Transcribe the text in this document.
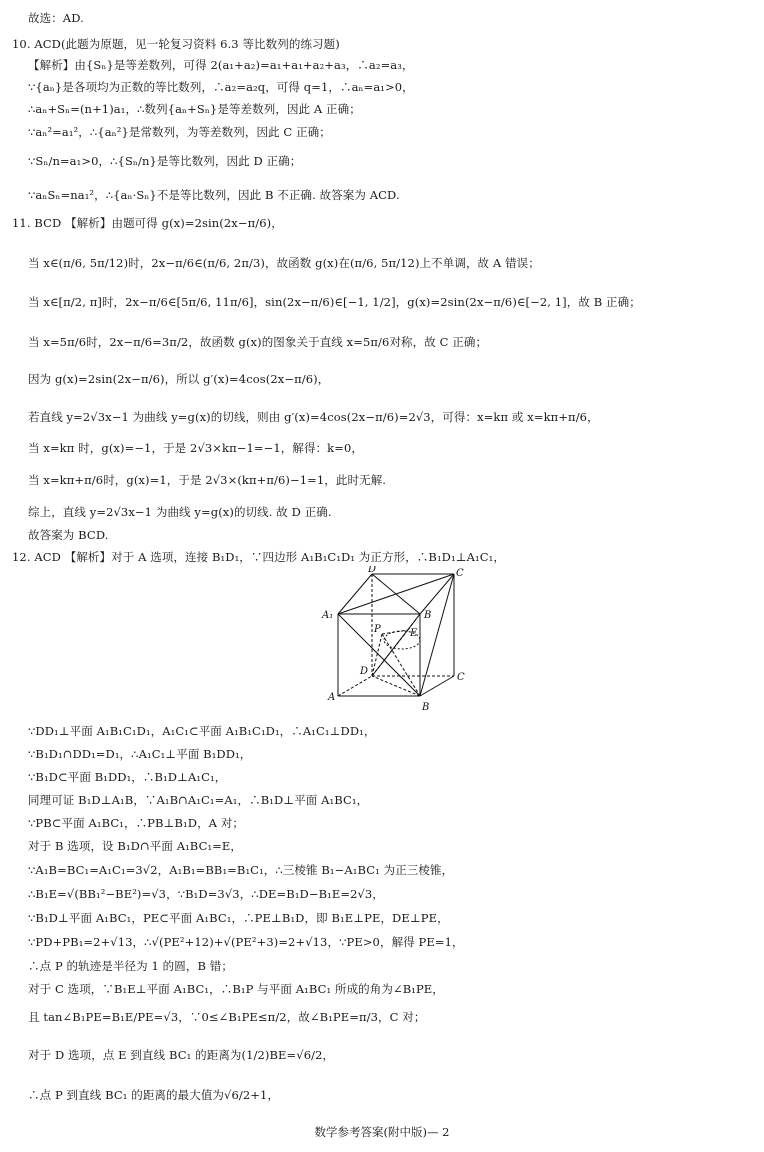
故选：AD.
10. ACD(此题为原题，见一轮复习资料 6.3 等比数列的练习题)
【解析】由{Sₙ}是等差数列，可得 2(a₁+a₂)=a₁+a₁+a₂+a₃，∴a₂=a₃，
∵{aₙ}是各项均为正数的等比数列，∴a₂=a₂q，可得 q=1，∴aₙ=a₁>0，
∴aₙ+Sₙ=(n+1)a₁，∴数列{aₙ+Sₙ}是等差数列，因此 A 正确；
∵aₙ²=a₁²，∴{aₙ²}是常数列，为等差数列，因此 C 正确；
∵Sₙ/n=a₁>0，∴{Sₙ/n}是等比数列，因此 D 正确；
∵aₙSₙ=na₁²，∴{aₙ·Sₙ}不是等比数列，因此 B 不正确. 故答案为 ACD.
11. BCD 【解析】由题可得 g(x)=2sin(2x−π/6)，
当 x∈(π/6, 5π/12)时，2x−π/6∈(π/6, 2π/3)，故函数 g(x)在(π/6, 5π/12)上不单调，故 A 错误；
当 x∈[π/2, π]时，2x−π/6∈[5π/6, 11π/6]，sin(2x−π/6)∈[−1, 1/2]，g(x)=2sin(2x−π/6)∈[−2, 1]，故 B 正确；
当 x=5π/6时，2x−π/6=3π/2，故函数 g(x)的图象关于直线 x=5π/6对称，故 C 正确；
因为 g(x)=2sin(2x−π/6)，所以 g′(x)=4cos(2x−π/6)，
若直线 y=2√3x−1 为曲线 y=g(x)的切线，则由 g′(x)=4cos(2x−π/6)=2√3，可得：x=kπ 或 x=kπ+π/6，
当 x=kπ 时，g(x)=−1，于是 2√3×kπ−1=−1，解得：k=0，
当 x=kπ+π/6时，g(x)=1，于是 2√3×(kπ+π/6)−1=1，此时无解.
综上，直线 y=2√3x−1 为曲线 y=g(x)的切线. 故 D 正确.
故答案为 BCD.
12. ACD 【解析】对于 A 选项，连接 B₁D₁，∵四边形 A₁B₁C₁D₁ 为正方形，∴B₁D₁⊥A₁C₁，
D	C
A₁	B
P	E
D
A
B
C
∵DD₁⊥平面 A₁B₁C₁D₁，A₁C₁⊂平面 A₁B₁C₁D₁，∴A₁C₁⊥DD₁，
∵B₁D₁∩DD₁=D₁，∴A₁C₁⊥平面 B₁DD₁，
∵B₁D⊂平面 B₁DD₁，∴B₁D⊥A₁C₁，
同理可证 B₁D⊥A₁B，∵A₁B∩A₁C₁=A₁，∴B₁D⊥平面 A₁BC₁，
∵PB⊂平面 A₁BC₁，∴PB⊥B₁D，A 对；
对于 B 选项，设 B₁D∩平面 A₁BC₁=E，
∵A₁B=BC₁=A₁C₁=3√2，A₁B₁=BB₁=B₁C₁，∴三棱锥 B₁−A₁BC₁ 为正三棱锥，
∴B₁E=√(BB₁²−BE²)=√3，∵B₁D=3√3，∴DE=B₁D−B₁E=2√3，
∵B₁D⊥平面 A₁BC₁，PE⊂平面 A₁BC₁，∴PE⊥B₁D，即 B₁E⊥PE，DE⊥PE，
∵PD+PB₁=2+√13，∴√(PE²+12)+√(PE²+3)=2+√13，∵PE>0，解得 PE=1，
∴点 P 的轨迹是半径为 1 的圆，B 错；
对于 C 选项，∵B₁E⊥平面 A₁BC₁，∴B₁P 与平面 A₁BC₁ 所成的角为∠B₁PE，
且 tan∠B₁PE=B₁E/PE=√3，∵0≤∠B₁PE≤π/2，故∠B₁PE=π/3，C 对；
对于 D 选项，点 E 到直线 BC₁ 的距离为(1/2)BE=√6/2，
∴点 P 到直线 BC₁ 的距离的最大值为√6/2+1，
数学参考答案(附中版)— 2
